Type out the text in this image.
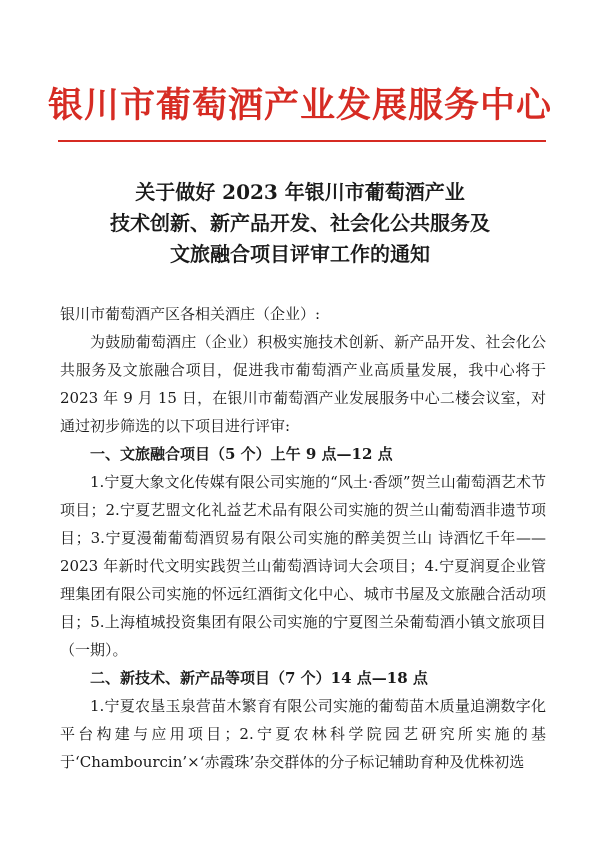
银川市葡萄酒产业发展服务中心
关于做好 2023 年银川市葡萄酒产业
技术创新、新产品开发、社会化公共服务及
文旅融合项目评审工作的通知

银川市葡萄酒产区各相关酒庄（企业）:

为鼓励葡萄酒庄（企业）积极实施技术创新、新产品开发、社会化公共服务及文旅融合项目，促进我市葡萄酒产业高质量发展，我中心将于 2023 年 9 月 15 日，在银川市葡萄酒产业发展服务中心二楼会议室，对通过初步筛选的以下项目进行评审:

一、文旅融合项目（5 个）上午 9 点—12 点

1.宁夏大象文化传媒有限公司实施的“风土·香颂”贺兰山葡萄酒艺术节项目；2.宁夏艺盟文化礼益艺术品有限公司实施的贺兰山葡萄酒非遗节项目；3.宁夏漫葡葡萄酒贸易有限公司实施的醉美贺兰山 诗酒忆千年——2023 年新时代文明实践贺兰山葡萄酒诗词大会项目；4.宁夏润夏企业管理集团有限公司实施的怀远红酒街文化中心、城市书屋及文旅融合活动项目；5.上海植城投资集团有限公司实施的宁夏图兰朵葡萄酒小镇文旅项目（一期）。

二、新技术、新产品等项目（7 个）14 点—18 点

1.宁夏农垦玉泉营苗木繁育有限公司实施的葡萄苗木质量追溯数字化平台构建与应用项目；2.宁夏农林科学院园艺研究所实施的基于‘Chambourcin’×‘赤霞珠’杂交群体的分子标记辅助育种及优株初选
